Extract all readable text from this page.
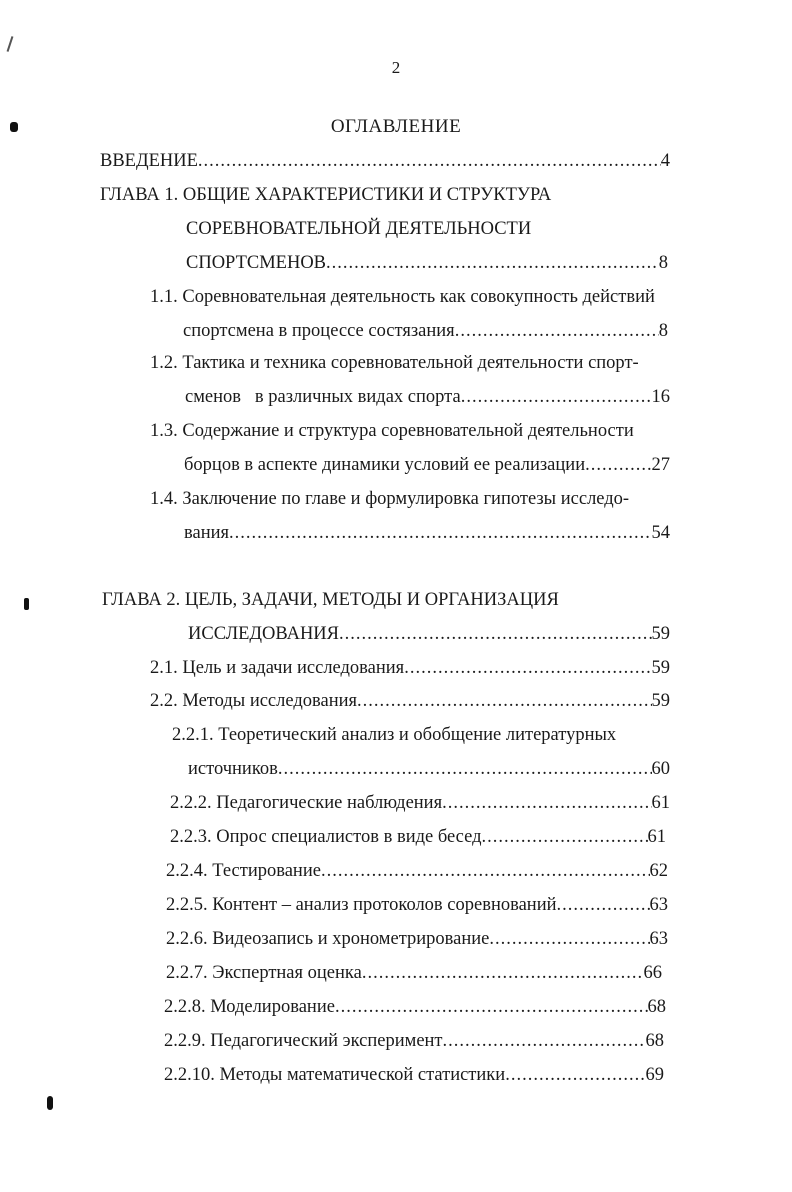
2
ОГЛАВЛЕНИЕ
ВВЕДЕНИЕ .....	4
ГЛАВА 1. ОБЩИЕ ХАРАКТЕРИСТИКИ И СТРУКТУРА
СОРЕВНОВАТЕЛЬНОЙ ДЕЯТЕЛЬНОСТИ
СПОРТСМЕНОВ .....	8
1.1. Соревновательная деятельность как совокупность действий
спортсмена в процессе состязания .....	8
1.2. Тактика и техника соревновательной деятельности спорт-
сменов   в различных видах спорта .....	16
1.3. Содержание и структура соревновательной деятельности
борцов в аспекте динамики условий ее реализации .....	27
1.4. Заключение по главе и формулировка гипотезы исследо-
вания .....	54
ГЛАВА 2. ЦЕЛЬ, ЗАДАЧИ, МЕТОДЫ И ОРГАНИЗАЦИЯ
ИССЛЕДОВАНИЯ .....	59
2.1. Цель и задачи исследования .....	59
2.2. Методы исследования .....	59
2.2.1. Теоретический анализ и обобщение литературных
источников .....	60
2.2.2. Педагогические наблюдения .....	61
2.2.3. Опрос специалистов в виде бесед .....	61
2.2.4. Тестирование .....	62
2.2.5. Контент – анализ протоколов соревнований .....	63
2.2.6. Видеозапись и хронометрирование .....	63
2.2.7. Экспертная оценка .....	66
2.2.8. Моделирование .....	68
2.2.9. Педагогический эксперимент .....	68
2.2.10. Методы математической статистики .....	69
